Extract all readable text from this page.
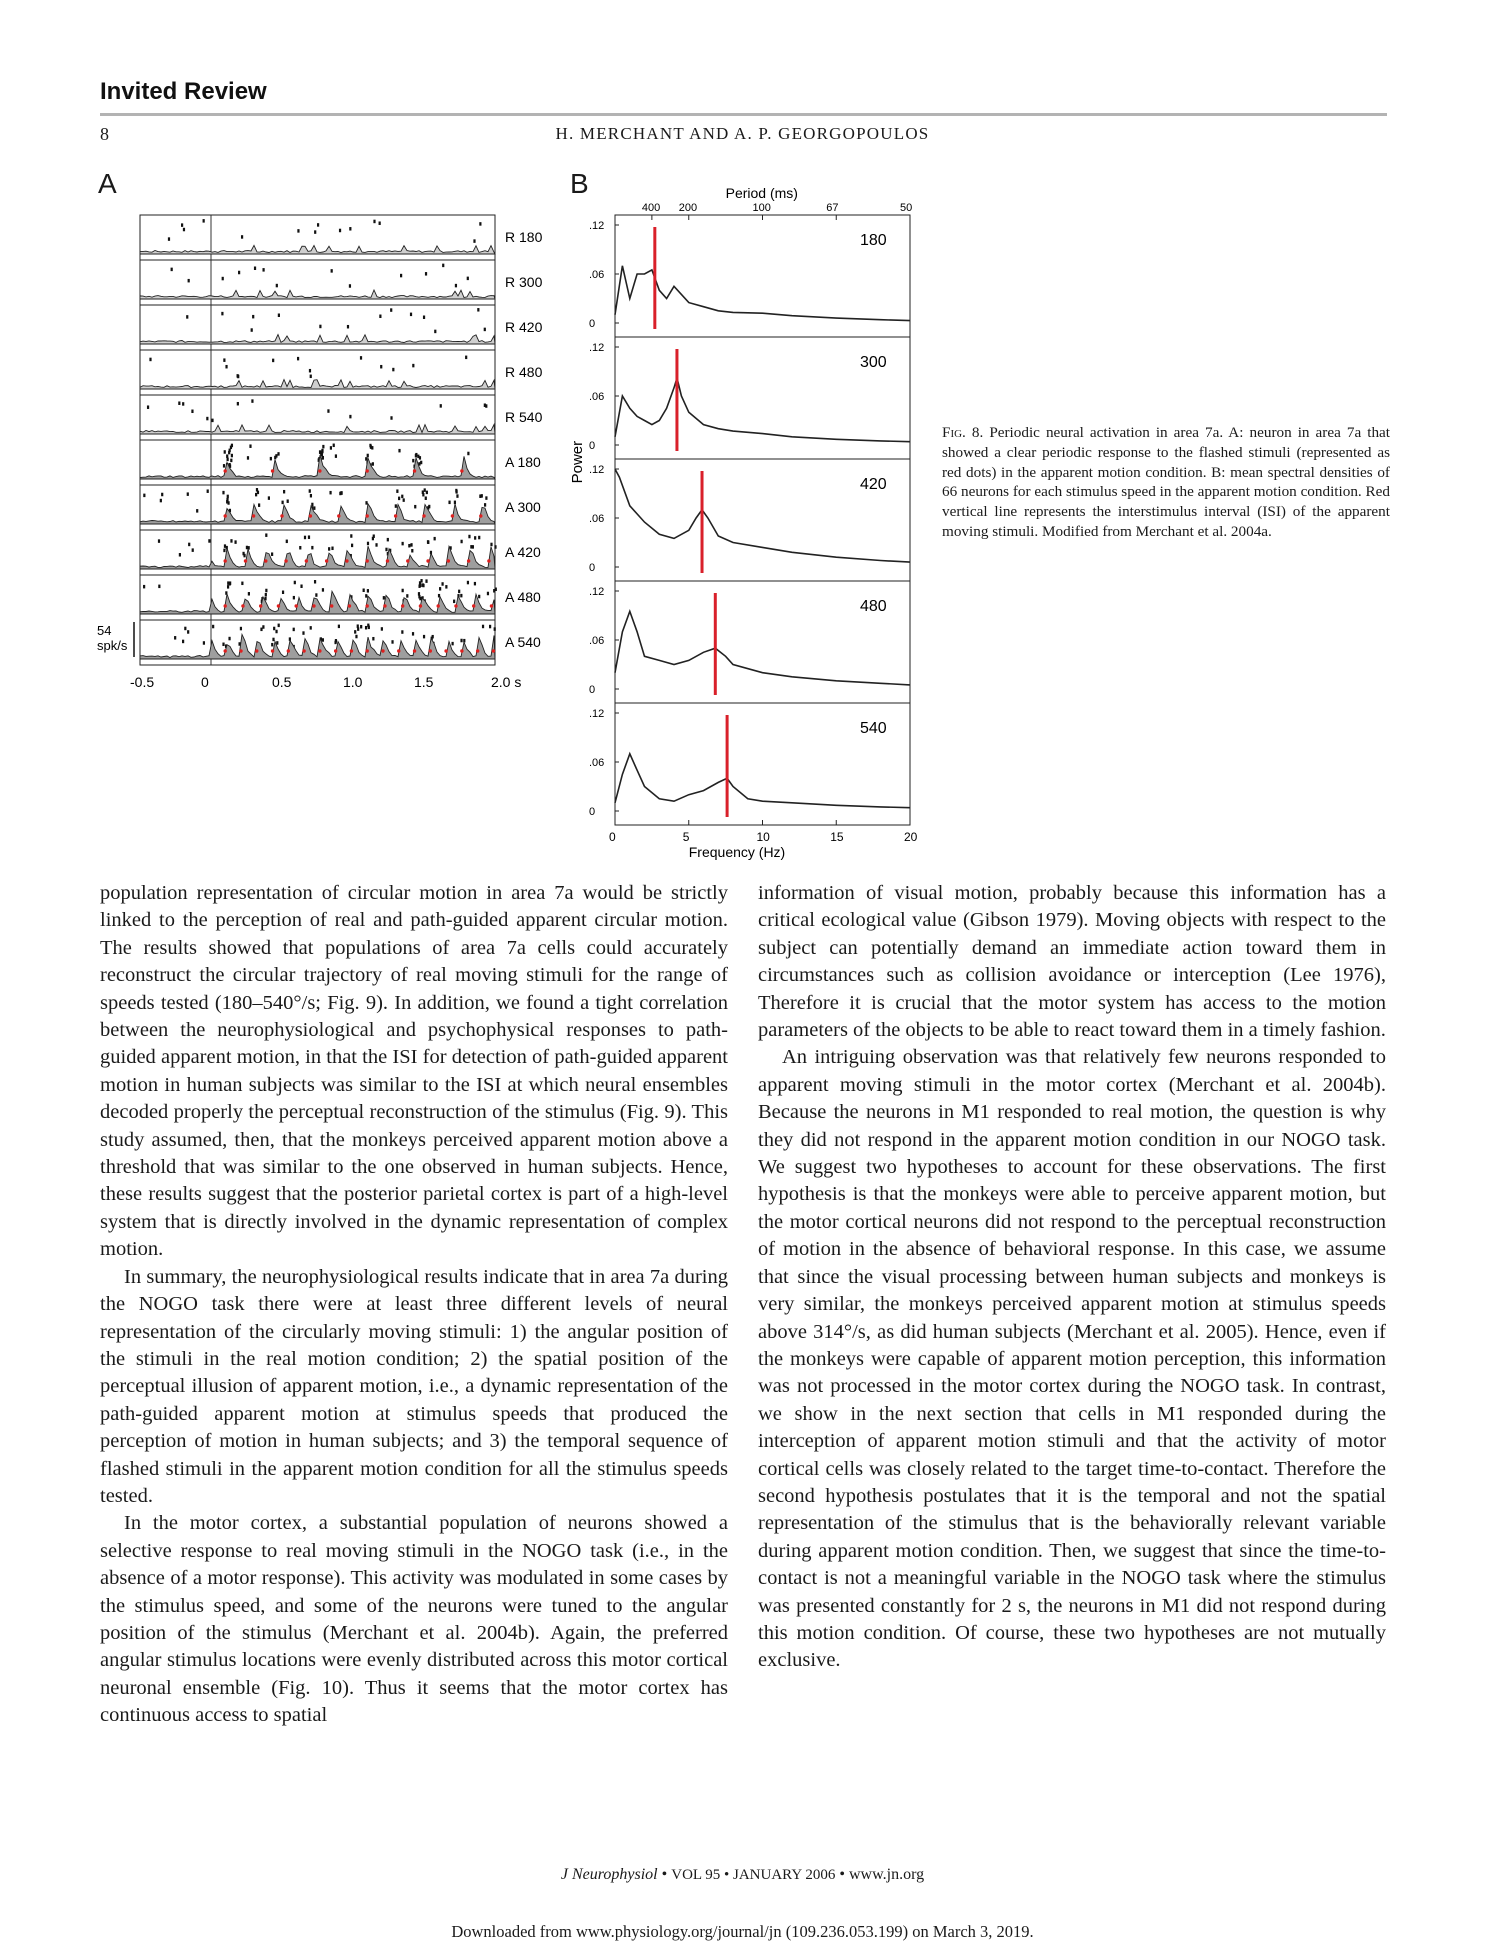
Invited Review
8	H. MERCHANT AND A. P. GEORGOPOULOS
A	B
R 180
R 300
R 420
R 480
R 540
A 180
A 300
A 420
A 480
A 540
54
spk/s
-0.5	0	0.5	1.0	1.5	2.0 s
Period (ms)
400 200	100	67	50
Power
.12
.06
0
180
.12
.06
0
300
.12
.06
0
420
.12
.06
0
480
.12
.06
0
540
0	5	10	15	20
Frequency (Hz)
Fig. 8. Periodic neural activation in area 7a. A: neuron in area 7a that showed a clear periodic response to the flashed stimuli (represented as red dots) in the apparent motion condition. B: mean spectral densities of 66 neurons for each stimulus speed in the apparent motion condition. Red vertical line represents the interstimulus interval (ISI) of the apparent moving stimuli. Modified from Merchant et al. 2004a.

population representation of circular motion in area 7a would be strictly linked to the perception of real and path-guided apparent circular motion. The results showed that populations of area 7a cells could accurately reconstruct the circular trajectory of real moving stimuli for the range of speeds tested (180–540°/s; Fig. 9). In addition, we found a tight correlation between the neurophysiological and psychophysical responses to path-guided apparent motion, in that the ISI for detection of path-guided apparent motion in human subjects was similar to the ISI at which neural ensembles decoded properly the perceptual reconstruction of the stimulus (Fig. 9). This study assumed, then, that the monkeys perceived apparent motion above a threshold that was similar to the one observed in human subjects. Hence, these results suggest that the posterior parietal cortex is part of a high-level system that is directly involved in the dynamic representation of complex motion.

In summary, the neurophysiological results indicate that in area 7a during the NOGO task there were at least three different levels of neural representation of the circularly moving stimuli: 1) the angular position of the stimuli in the real motion condition; 2) the spatial position of the perceptual illusion of apparent motion, i.e., a dynamic representation of the path-guided apparent motion at stimulus speeds that produced the perception of motion in human subjects; and 3) the temporal sequence of flashed stimuli in the apparent motion condition for all the stimulus speeds tested.

In the motor cortex, a substantial population of neurons showed a selective response to real moving stimuli in the NOGO task (i.e., in the absence of a motor response). This activity was modulated in some cases by the stimulus speed, and some of the neurons were tuned to the angular position of the stimulus (Merchant et al. 2004b). Again, the preferred angular stimulus locations were evenly distributed across this motor cortical neuronal ensemble (Fig. 10). Thus it seems that the motor cortex has continuous access to spatial

information of visual motion, probably because this information has a critical ecological value (Gibson 1979). Moving objects with respect to the subject can potentially demand an immediate action toward them in circumstances such as collision avoidance or interception (Lee 1976), Therefore it is crucial that the motor system has access to the motion parameters of the objects to be able to react toward them in a timely fashion.

An intriguing observation was that relatively few neurons responded to apparent moving stimuli in the motor cortex (Merchant et al. 2004b). Because the neurons in M1 responded to real motion, the question is why they did not respond in the apparent motion condition in our NOGO task. We suggest two hypotheses to account for these observations. The first hypothesis is that the monkeys were able to perceive apparent motion, but the motor cortical neurons did not respond to the perceptual reconstruction of motion in the absence of behavioral response. In this case, we assume that since the visual processing between human subjects and monkeys is very similar, the monkeys perceived apparent motion at stimulus speeds above 314°/s, as did human subjects (Merchant et al. 2005). Hence, even if the monkeys were capable of apparent motion perception, this information was not processed in the motor cortex during the NOGO task. In contrast, we show in the next section that cells in M1 responded during the interception of apparent motion stimuli and that the activity of motor cortical cells was closely related to the target time-to-contact. Therefore the second hypothesis postulates that it is the temporal and not the spatial representation of the stimulus that is the behaviorally relevant variable during apparent motion condition. Then, we suggest that since the time-to-contact is not a meaningful variable in the NOGO task where the stimulus was presented constantly for 2 s, the neurons in M1 did not respond during this motion condition. Of course, these two hypotheses are not mutually exclusive.

J Neurophysiol • VOL 95 • JANUARY 2006 • www.jn.org
Downloaded from www.physiology.org/journal/jn (109.236.053.199) on March 3, 2019.
